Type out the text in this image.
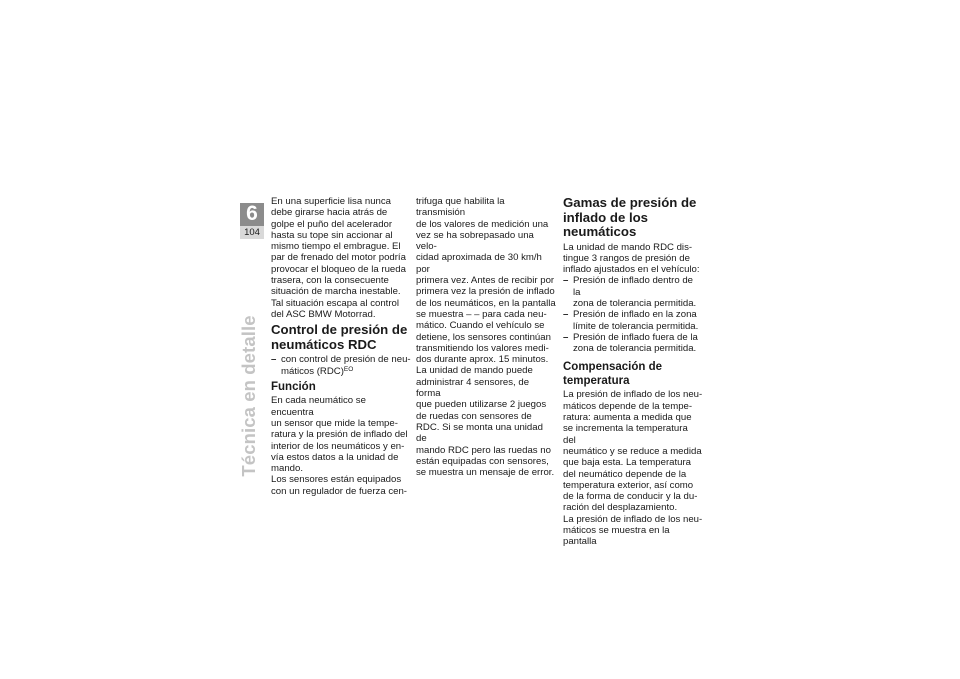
6
104
Técnica en detalle

En una superficie lisa nunca
debe girarse hacia atrás de
golpe el puño del acelerador
hasta su tope sin accionar al
mismo tiempo el embrague. El
par de frenado del motor podría
provocar el bloqueo de la rueda
trasera, con la consecuente
situación de marcha inestable.
Tal situación escapa al control
del ASC BMW Motorrad.

Control de presión de
neumáticos RDC
– con control de presión de neu-
máticos (RDC)$^{EO}$
Función

En cada neumático se encuentra
un sensor que mide la tempe-
ratura y la presión de inflado del
interior de los neumáticos y en-
vía estos datos a la unidad de
mando.

Los sensores están equipados
con un regulador de fuerza cen-

trifuga que habilita la transmisión
de los valores de medición una
vez se ha sobrepasado una velo-
cidad aproximada de 30 km/h por
primera vez. Antes de recibir por
primera vez la presión de inflado
de los neumáticos, en la pantalla
se muestra – – para cada neu-
mático. Cuando el vehículo se
detiene, los sensores continúan
transmitiendo los valores medi-
dos durante aprox. 15 minutos.

La unidad de mando puede
administrar 4 sensores, de forma
que pueden utilizarse 2 juegos
de ruedas con sensores de
RDC. Si se monta una unidad de
mando RDC pero las ruedas no
están equipadas con sensores,
se muestra un mensaje de error.

Gamas de presión de
inflado de los neumáticos

La unidad de mando RDC dis-
tingue 3 rangos de presión de
inflado ajustados en el vehículo:

– Presión de inflado dentro de la
zona de tolerancia permitida.
– Presión de inflado en la zona
límite de tolerancia permitida.
– Presión de inflado fuera de la
zona de tolerancia permitida.
Compensación de
temperatura

La presión de inflado de los neu-
máticos depende de la tempe-
ratura: aumenta a medida que
se incrementa la temperatura del
neumático y se reduce a medida
que baja esta. La temperatura
del neumático depende de la
temperatura exterior, así como
de la forma de conducir y la du-
ración del desplazamiento.

La presión de inflado de los neu-
máticos se muestra en la pantalla
